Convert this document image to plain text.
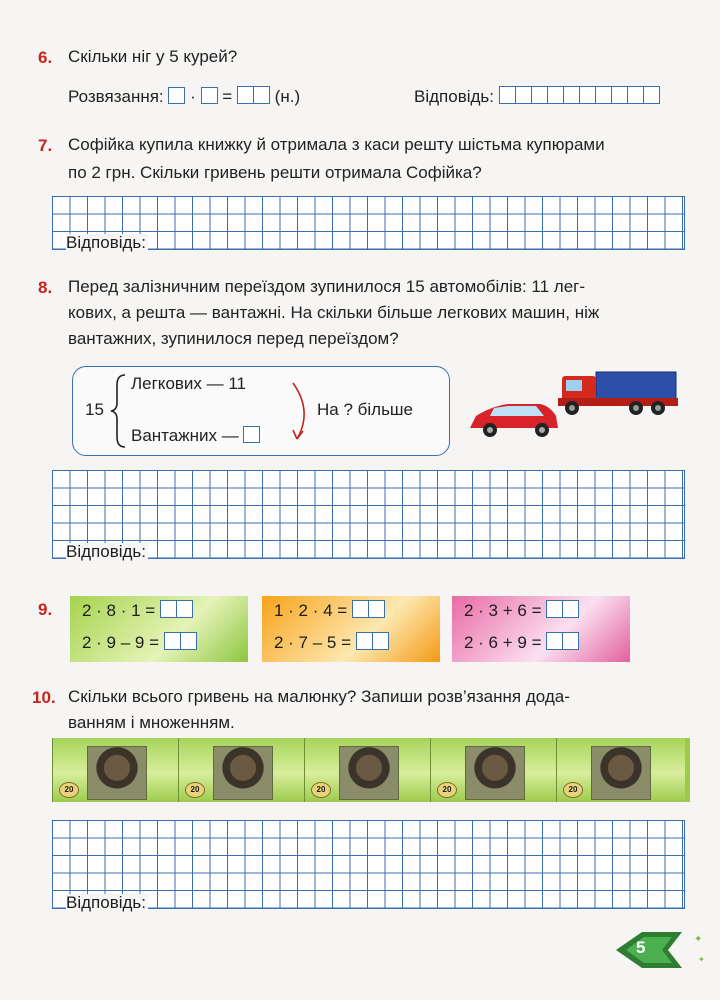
6. Скільки ніг у 5 курей?
Розвязання: · = (н.)	Відповідь:
7. Софійка купила книжку й отримала з каси решту шістьма купюрами
по 2 грн. Скільки гривень решти отримала Софійка?
Відповідь:
8. Перед залізничним переїздом зупинилося 15 автомобілів: 11 лег-
кових, а решта — вантажні. На скільки більше легкових машин, ніж
вантажних, зупинилося перед переїздом?
15
Легкових — 11
Вантажних —
На ? більше
Відповідь:
9. 2 · 8 · 1 =
2 · 9 – 9 =
1 · 2 · 4 =
2 · 7 – 5 =
2 · 3 + 6 =
2 · 6 + 9 =
10. Скільки всього гривень на малюнку? Запиши розв’язання дода-
ванням і множенням.
20	20	20	20	20
Відповідь:
✦
✦
5
